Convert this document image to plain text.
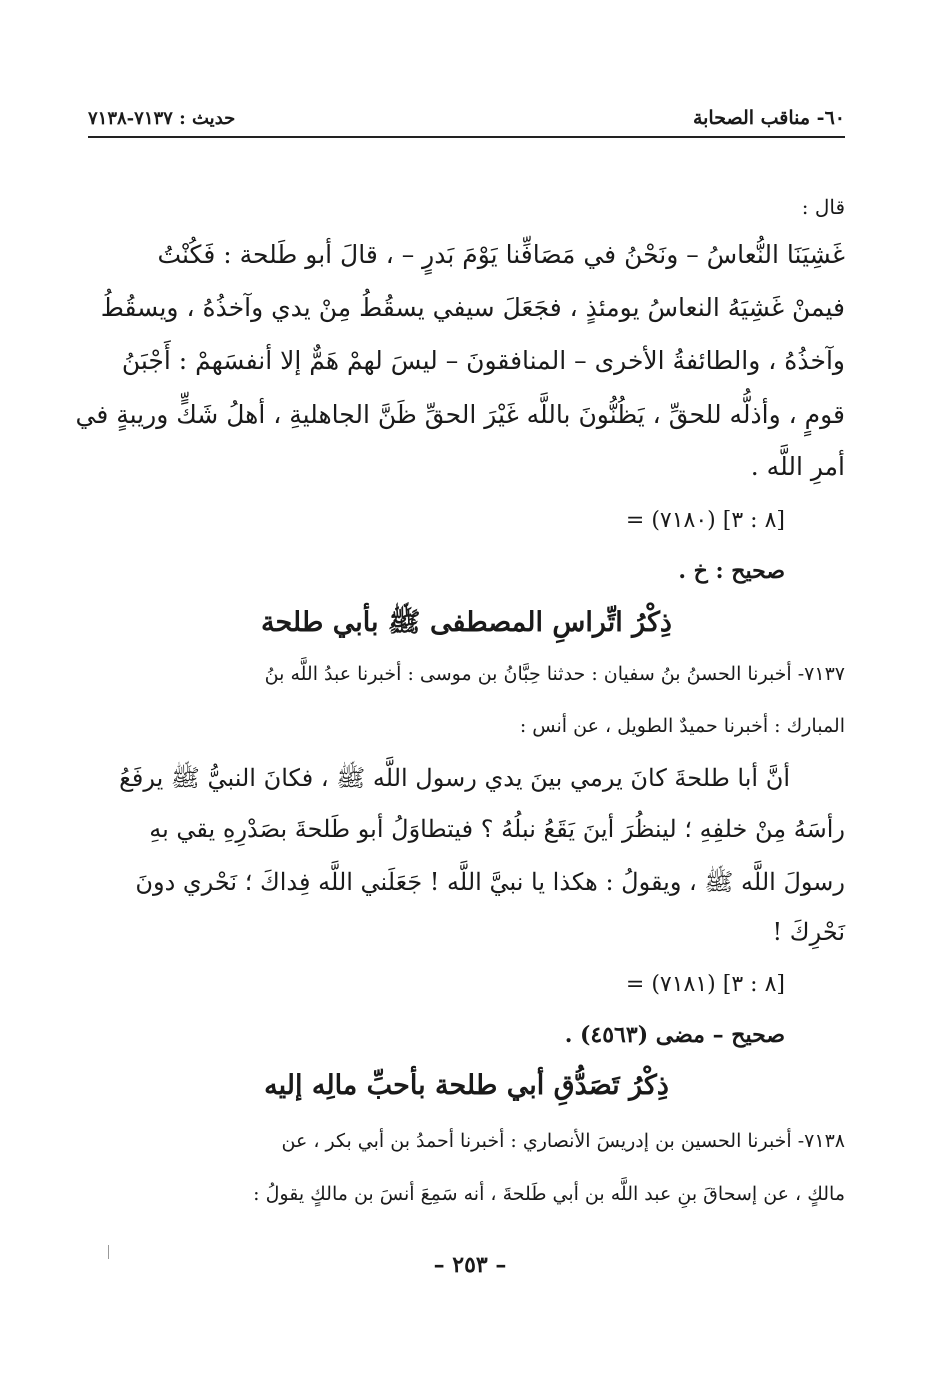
٦٠- مناقب الصحابة
حديث : ٧١٣٧-٧١٣٨
قال :
غَشِيَنَا النُّعاسُ – ونَحْنُ في مَصَافِّنا يَوْمَ بَدرٍ – ، قالَ أبو طَلحة : فَكُنْتُ
فيمنْ غَشِيَهُ النعاسُ يومئذٍ ، فجَعَلَ سيفي يسقُطُ مِنْ يدي وآخذُهُ ، ويسقُطُ
وآخذُهُ ، والطائفةُ الأخرى – المنافقونَ – ليسَ لهمْ هَمٌّ إلا أنفسَهمْ : أَجْبَنُ
قومٍ ، وأذلُّه للحقِّ ، يَظُنُّونَ باللَّه غَيْرَ الحقِّ ظَنَّ الجاهليةِ ، أهلُ شَكٍّ وريبةٍ في
أمرِ اللَّه .
= (٧١٨٠) [٨ : ٣]
صحيح : خ .
ذِكْرُ اتِّراسِ المصطفى ﷺ بأبي طلحة
٧١٣٧- أخبرنا الحسنُ بنُ سفيان : حدثنا حِبَّانُ بن موسى : أخبرنا عبدُ اللَّه بنُ
المبارك : أخبرنا حميدٌ الطويل ، عن أنس :
أنَّ أبا طلحةَ كانَ يرمي بينَ يدي رسول اللَّه ﷺ ، فكانَ النبيُّ ﷺ يرفَعُ
رأسَهُ مِنْ خلفِهِ ؛ لينظُرَ أينَ يَقَعُ نبلُهُ ؟ فيتطاوَلُ أبو طَلحةَ بصَدْرِهِ يقي بهِ
رسولَ اللَّه ﷺ ، ويقولُ : هكذا يا نبيَّ اللَّه ! جَعَلَني اللَّه فِداكَ ؛ نَحْري دونَ
نَحْرِكَ !
= (٧١٨١) [٨ : ٣]
صحيح – مضى (٤٥٦٣) .
ذِكْرُ تَصَدُّقِ أبي طلحة بأحبِّ مالِه إليه
٧١٣٨- أخبرنا الحسين بن إدريسَ الأنصاري : أخبرنا أحمدُ بن أبي بكر ، عن
مالكٍ ، عن إسحاقَ بنِ عبد اللَّه بن أبي طَلحةَ ، أنه سَمِعَ أنسَ بن مالكٍ يقولُ :
– ٢٥٣ –
